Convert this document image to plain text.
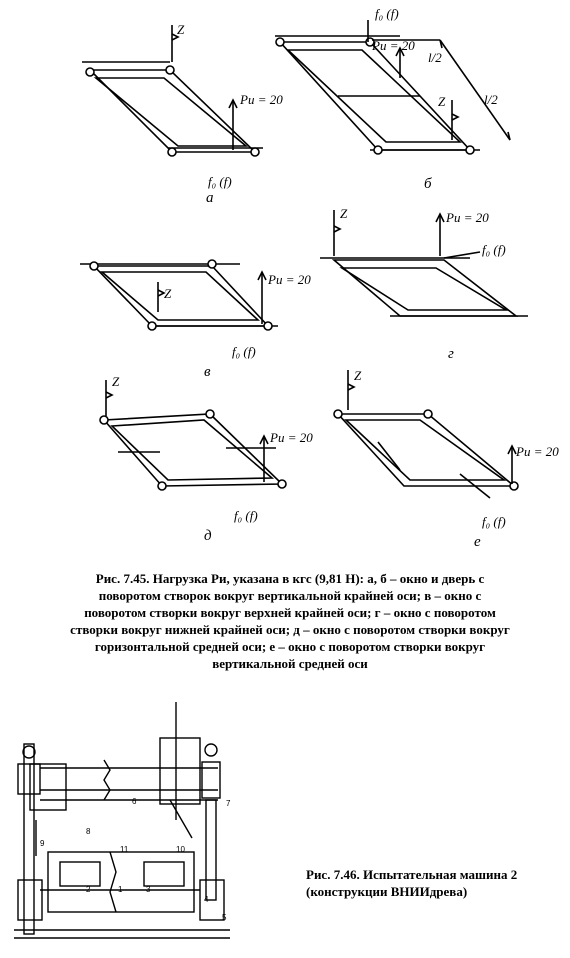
Z
Pи = 20
f₀ (f)
а
f₀ (f)
Pи = 20
Z
l/2
l/2
б
Z
Pи = 20
f₀ (f)
в
Z	Pи = 20
f₀ (f)
г
Z
Pи = 20
f₀ (f)
д
Z
Pи = 20
f₀ (f)
е
Рис. 7.45. Нагрузка Pи, указана в кгс (9,81 Н): а, б – окно и дверь с поворотом створок вокруг вертикальной крайней оси; в – окно с поворотом створки вокруг верхней крайней оси; г – окно с поворотом створки вокруг нижней крайней оси; д – окно с поворотом створки вокруг горизонтальной средней оси; е – окно с поворотом створки вокруг вертикальной средней оси
1
2	3
4
5
6	7
8
9
10
11
Рис. 7.46. Испытательная машина 2 (конструкции ВНИИдрева)
